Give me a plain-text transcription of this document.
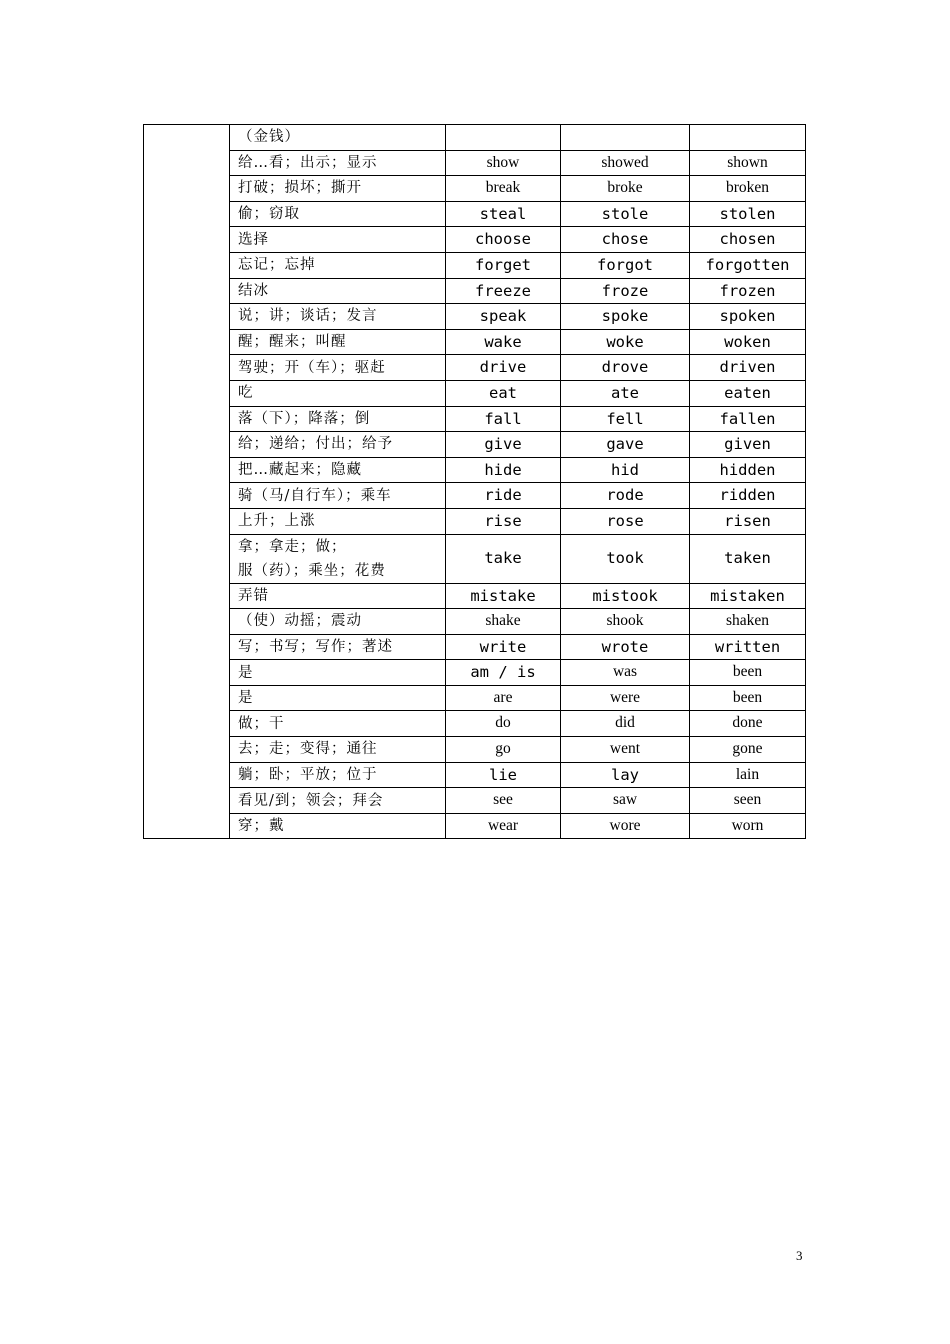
	（金钱）			

	给…看；出示；显示	show	showed	shown

	打破；损坏；撕开	break	broke	broken

	偷；窃取	steal	stole	stolen

	选择	choose	chose	chosen

	忘记；忘掉	forget	forgot	forgotten

	结冰	freeze	froze	frozen

	说；讲；谈话；发言	speak	spoke	spoken

	醒；醒来；叫醒	wake	woke	woken

	驾驶；开（车）；驱赶	drive	drove	driven

	吃	eat	ate	eaten

	落（下）；降落；倒	fall	fell	fallen

	给；递给；付出；给予	give	gave	given

	把…藏起来；隐藏	hide	hid	hidden

	骑（马/自行车）；乘车	ride	rode	ridden

	上升；上涨	rise	rose	risen

	拿；拿走；做；
服（药）；乘坐；花费	take	took	taken

	弄错	mistake	mistook	mistaken

	（使）动摇；震动	shake	shook	shaken

	写；书写；写作；著述	write	wrote	written

	是	am / is	was	been

	是	are	were	been

	做；干	do	did	done

	去；走；变得；通往	go	went	gone

	躺；卧；平放；位于	lie	lay	lain

	看见/到；领会；拜会	see	saw	seen

	穿；戴	wear	wore	worn
3
